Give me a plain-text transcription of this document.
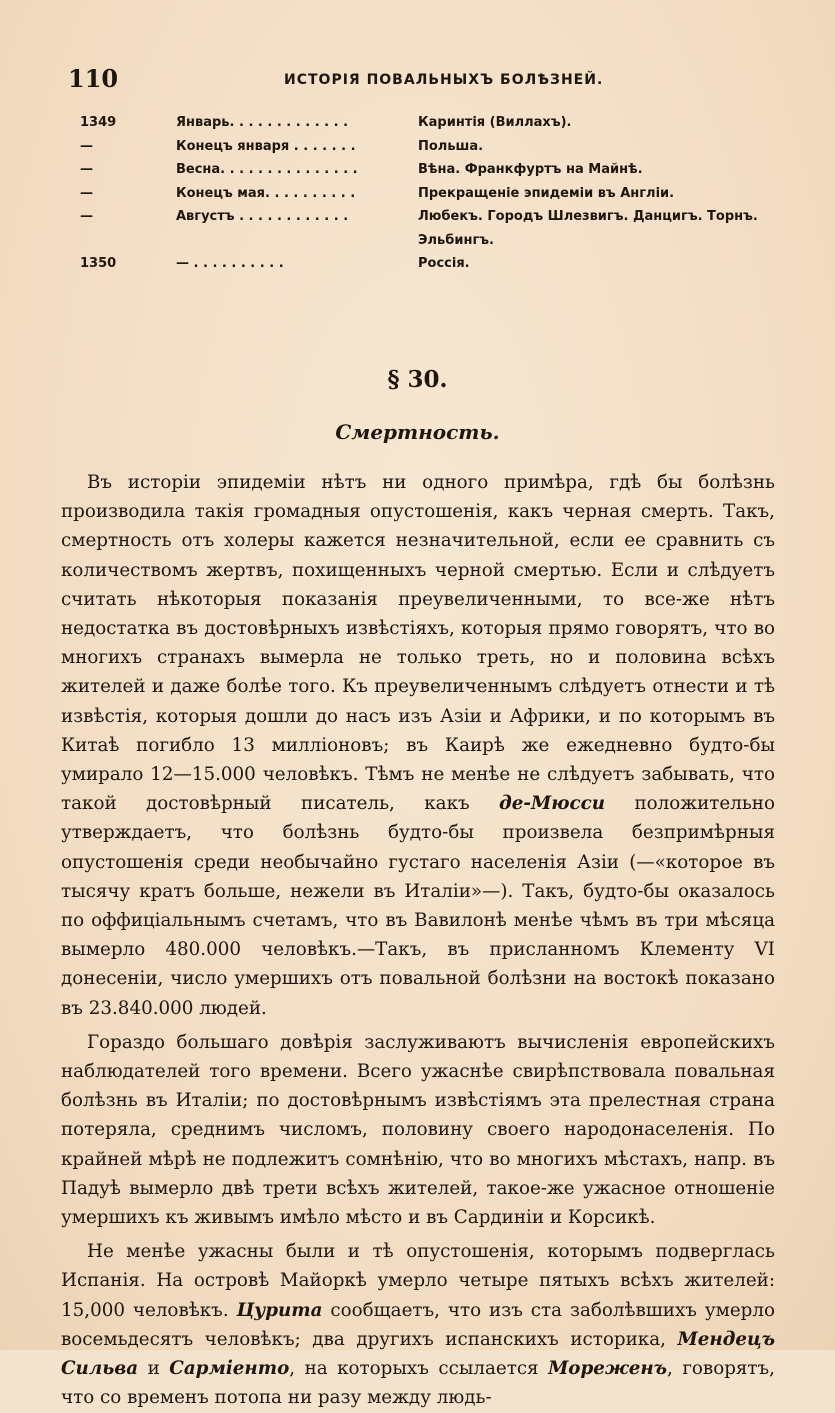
110	ИСТОРІЯ ПОВАЛЬНЫХЪ БОЛѢЗНЕЙ.
1349	Январь. . . . . . . . . . . . .	Каринтія (Виллахъ).
—	Конецъ января . . . . . . .	Польша.
—	Весна. . . . . . . . . . . . . . .	Вѣна. Франкфуртъ на Майнѣ.
—	Конецъ мая. . . . . . . . . .	Прекращеніе эпидеміи въ Англіи.
—	Августъ . . . . . . . . . . . .	Любекъ. Городъ Шлезвигъ. Данцигъ. Торнъ.
Эльбингъ.
1350	— . . . . . . . . . .	Россія.
§ 30.
Смертность.

Въ исторіи эпидеміи нѣтъ ни одного примѣра, гдѣ бы болѣзнь производила такія громадныя опустошенія, какъ черная смерть. Такъ, смертность отъ холеры кажется незначительной, если ее сравнить съ количествомъ жертвъ, похищенныхъ черной смертью. Если и слѣдуетъ считать нѣкоторыя показанія преувеличенными, то все-же нѣтъ недостатка въ достовѣрныхъ извѣстіяхъ, которыя прямо говорятъ, что во многихъ странахъ вымерла не только треть, но и половина всѣхъ жителей и даже болѣе того. Къ преувеличеннымъ слѣдуетъ отнести и тѣ извѣстія, которыя дошли до насъ изъ Азіи и Африки, и по которымъ въ Китаѣ погибло 13 милліоновъ; въ Каирѣ же ежедневно будто-бы умирало 12—15.000 человѣкъ. Тѣмъ не менѣе не слѣдуетъ забывать, что такой достовѣрный писатель, какъ де-Мюсси положительно утверждаетъ, что болѣзнь будто-бы произвела безпримѣрныя опустошенія среди необычайно густаго населенія Азіи (—«которое въ тысячу кратъ больше, нежели въ Италіи»—). Такъ, будто-бы оказалось по оффиціальнымъ счетамъ, что въ Вавилонѣ менѣе чѣмъ въ три мѣсяца вымерло 480.000 человѣкъ.—Такъ, въ присланномъ Клементу VI донесеніи, число умершихъ отъ повальной болѣзни на востокѣ показано въ 23.840.000 людей.

Гораздо большаго довѣрія заслуживаютъ вычисленія европейскихъ наблюдателей того времени. Всего ужаснѣе свирѣпствовала повальная болѣзнь въ Италіи; по достовѣрнымъ извѣстіямъ эта прелестная страна потеряла, среднимъ числомъ, половину своего народонаселенія. По крайней мѣрѣ не подлежитъ сомнѣнію, что во многихъ мѣстахъ, напр. въ Падуѣ вымерло двѣ трети всѣхъ жителей, такое-же ужасное отношеніе умершихъ къ живымъ имѣло мѣсто и въ Сардиніи и Корсикѣ.

Не менѣе ужасны были и тѣ опустошенія, которымъ подверглась Испанія. На островѣ Майоркѣ умерло четыре пятыхъ всѣхъ жителей: 15,000 человѣкъ. Цурита сообщаетъ, что изъ ста заболѣвшихъ умерло восемьдесятъ человѣкъ; два другихъ испанскихъ историка, Мендецъ Сильва и Сарміенто, на которыхъ ссылается Мореженъ, говорятъ, что со временъ потопа ни разу между людь-
